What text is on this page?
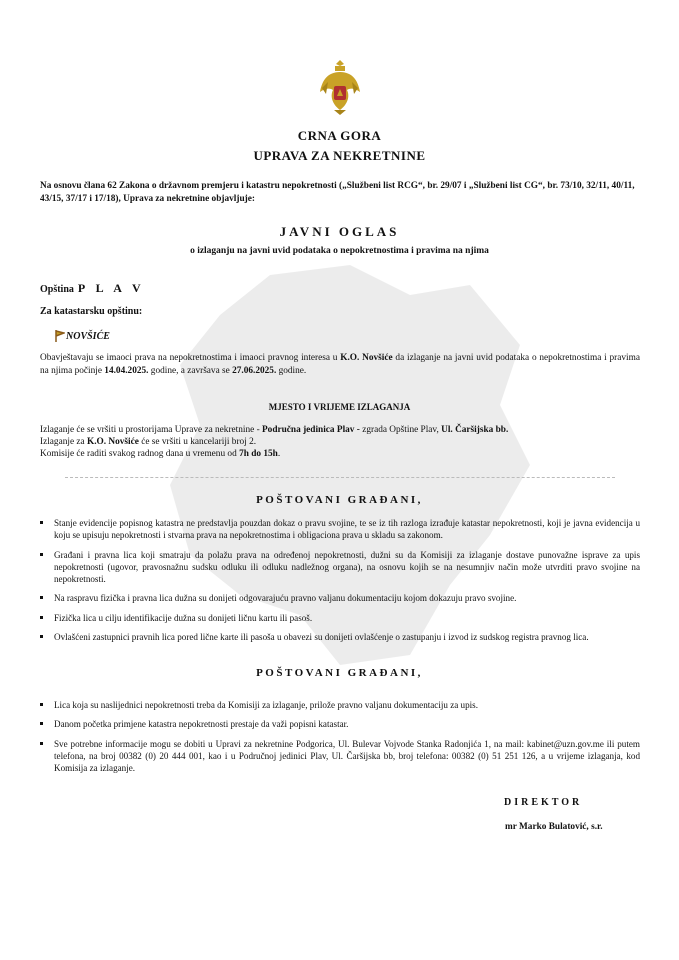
CRNA GORA
UPRAVA ZA NEKRETNINE
Na osnovu člana 62 Zakona o državnom premjeru i katastru nepokretnosti („Službeni list RCG“, br. 29/07 i „Službeni list CG“, br. 73/10, 32/11, 40/11, 43/15, 37/17 i 17/18), Uprava za nekretnine objavljuje:
JAVNI OGLAS
o izlaganju na javni uvid podataka o nepokretnostima i pravima na njima
Opština P L A V
Za katastarsku opštinu:
NOVŠIĆE
Obavještavaju se imaoci prava na nepokretnostima i imaoci pravnog interesa u K.O. Novšiće da izlaganje na javni uvid podataka o nepokretnostima i pravima na njima počinje 14.04.2025. godine, a završava se 27.06.2025. godine.
MJESTO I VRIJEME IZLAGANJA
Izlaganje će se vršiti u prostorijama Uprave za nekretnine - Područna jedinica Plav - zgrada Opštine Plav, Ul. Čaršijska bb.
Izlaganje za K.O. Novšiće će se vršiti u kancelariji broj 2.
Komisije će raditi svakog radnog dana u vremenu od 7h do 15h.
POŠTOVANI GRAĐANI,
Stanje evidencije popisnog katastra ne predstavlja pouzdan dokaz o pravu svojine, te se iz tih razloga izrađuje katastar nepokretnosti, koji je javna evidencija u koju se upisuju nepokretnosti i stvarna prava na nepokretnostima i obligaciona prava u skladu sa zakonom.
Građani i pravna lica koji smatraju da polažu prava na određenoj nepokretnosti, dužni su da Komisiji za izlaganje dostave punovažne isprave za upis nepokretnosti (ugovor, pravosnažnu sudsku odluku ili odluku nadležnog organa), na osnovu kojih se na nesumnjiv način može utvrditi pravo svojine na nepokretnosti.
Na raspravu fizička i pravna lica dužna su donijeti odgovarajuću pravno valjanu dokumentaciju kojom dokazuju pravo svojine.
Fizička lica u cilju identifikacije dužna su donijeti ličnu kartu ili pasoš.
Ovlašćeni zastupnici pravnih lica pored lične karte ili pasoša u obavezi su donijeti ovlašćenje o zastupanju i izvod iz sudskog registra pravnog lica.
POŠTOVANI GRAĐANI,
Lica koja su naslijednici nepokretnosti treba da Komisiji za izlaganje, prilože pravno valjanu dokumentaciju za upis.
Danom početka primjene katastra nepokretnosti prestaje da važi popisni katastar.
Sve potrebne informacije mogu se dobiti u Upravi za nekretnine Podgorica, Ul. Bulevar Vojvode Stanka Radonjića 1, na mail: kabinet@uzn.gov.me ili putem telefona, na broj 00382 (0) 20 444 001, kao i u Područnoj jedinici Plav, Ul. Čaršijska bb, broj telefona: 00382 (0) 51 251 126, a u vrijeme izlaganja, kod Komisija za izlaganje.
DIREKTOR
mr Marko Bulatović, s.r.
